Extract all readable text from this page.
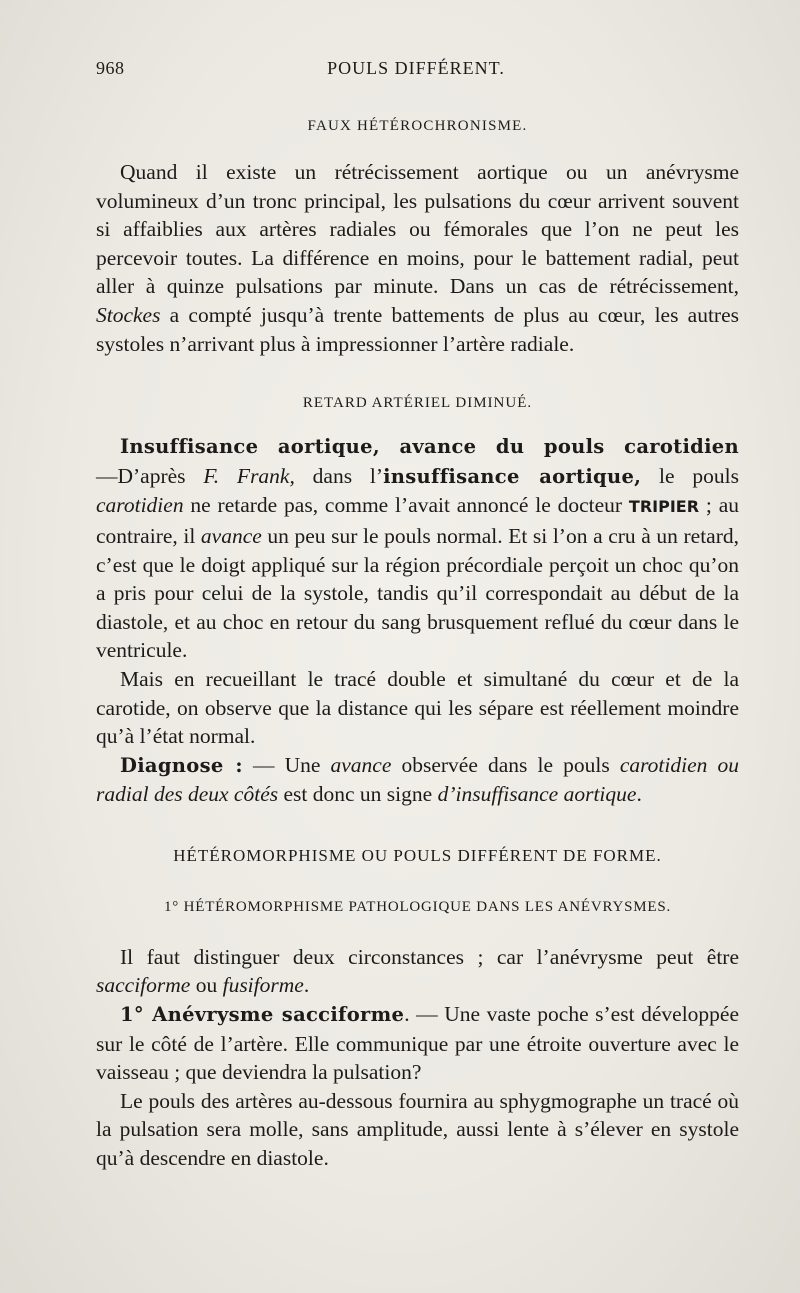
968	POULS DIFFÉRENT.
FAUX HÉTÉROCHRONISME.

Quand il existe un rétrécissement aortique ou un anévrysme volumineux d’un tronc principal, les pulsations du cœur arrivent souvent si affaiblies aux artères radiales ou fémorales que l’on ne peut les percevoir toutes. La différence en moins, pour le battement radial, peut aller à quinze pulsations par minute. Dans un cas de rétrécissement, Stockes a compté jusqu’à trente battements de plus au cœur, les autres systoles n’arrivant plus à impressionner l’artère radiale.

RETARD ARTÉRIEL DIMINUÉ.

Insuffisance aortique, avance du pouls carotidien

—D’après F. Frank, dans l’insuffisance aortique, le pouls carotidien ne retarde pas, comme l’avait annoncé le docteur TRIPIER ; au contraire, il avance un peu sur le pouls normal. Et si l’on a cru à un retard, c’est que le doigt appliqué sur la région précordiale perçoit un choc qu’on a pris pour celui de la systole, tandis qu’il correspondait au début de la diastole, et au choc en retour du sang brusquement reflué du cœur dans le ventricule.

Mais en recueillant le tracé double et simultané du cœur et de la carotide, on observe que la distance qui les sépare est réellement moindre qu’à l’état normal.

Diagnose : — Une avance observée dans le pouls carotidien ou radial des deux côtés est donc un signe d’insuffisance aortique.

HÉTÉROMORPHISME OU POULS DIFFÉRENT DE FORME.
1° HÉTÉROMORPHISME PATHOLOGIQUE DANS LES ANÉVRYSMES.

Il faut distinguer deux circonstances ; car l’anévrysme peut être sacciforme ou fusiforme.

1° Anévrysme sacciforme. — Une vaste poche s’est développée sur le côté de l’artère. Elle communique par une étroite ouverture avec le vaisseau ; que deviendra la pulsation?

Le pouls des artères au-dessous fournira au sphygmographe un tracé où la pulsation sera molle, sans amplitude, aussi lente à s’élever en systole qu’à descendre en diastole.
